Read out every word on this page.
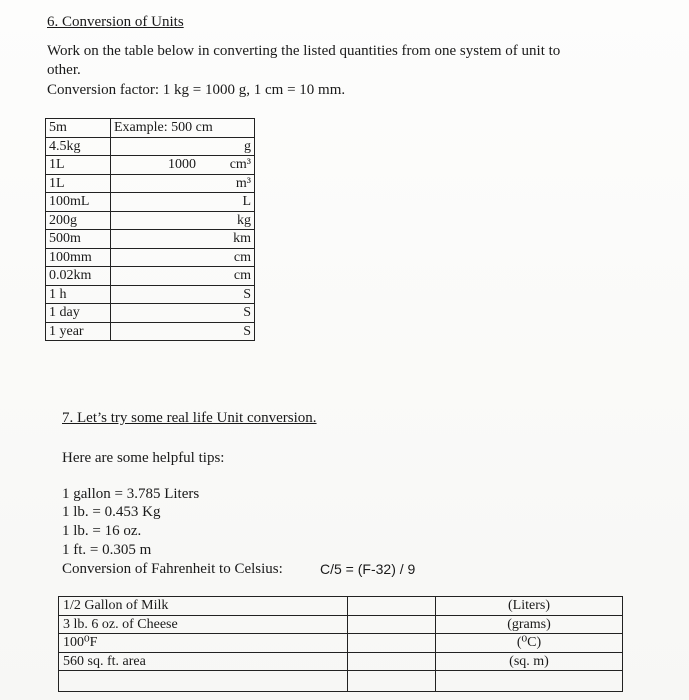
6. Conversion of Units
Work on the table below in converting the listed quantities from one system of unit to
other.
Conversion factor: 1 kg = 1000 g, 1 cm = 10 mm.
5m	Example: 500 cm
4.5kg	g

1L	1000 cm³

1L	m³

100mL	L

200g	kg

500m	km

100mm	cm

0.02km	cm

1 h	S

1 day	S

1 year	S
7. Let’s try some real life Unit conversion.
Here are some helpful tips:
1 gallon = 3.785 Liters
1 lb. = 0.453 Kg
1 lb. = 16 oz.
1 ft. = 0.305 m
Conversion of Fahrenheit to Celsius:	C/5 = (F-32) / 9
1/2 Gallon of Milk		(Liters)
3 lb. 6 oz. of Cheese		(grams)
100⁰F		(⁰C)
560 sq. ft. area		(sq. m)
